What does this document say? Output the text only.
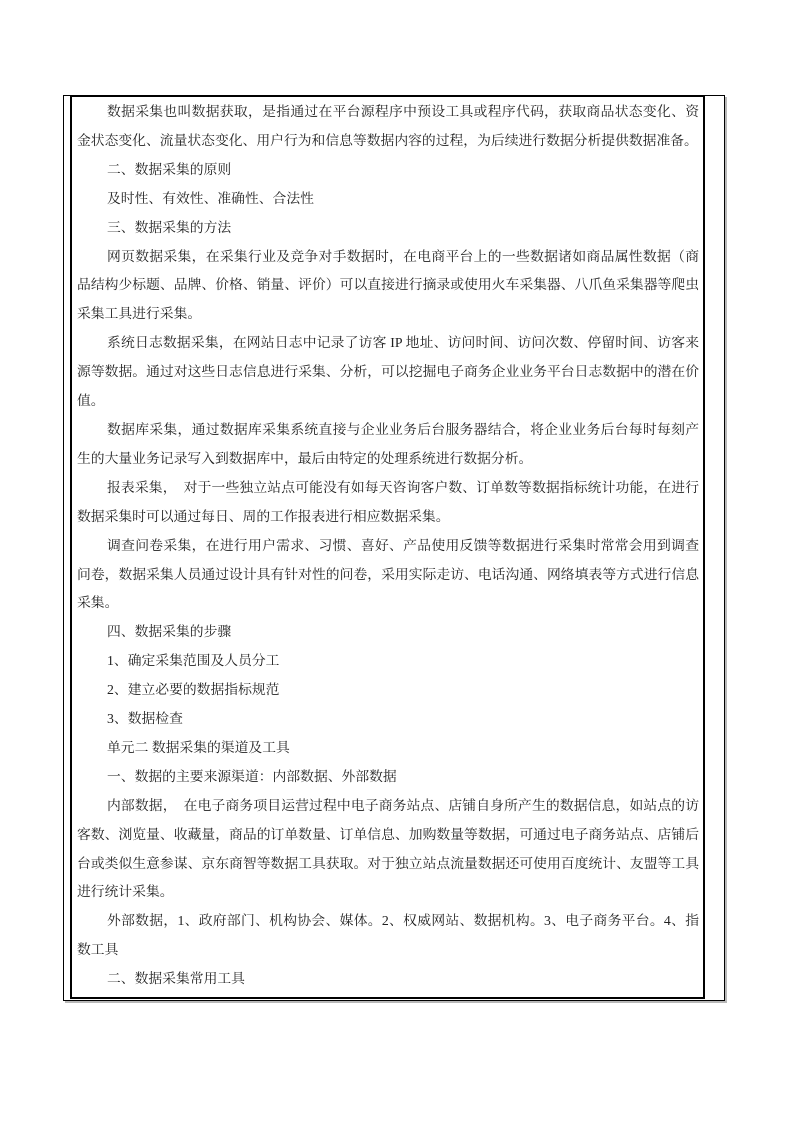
数据采集也叫数据获取，是指通过在平台源程序中预设工具或程序代码，获取商品状态变化、资金状态变化、流量状态变化、用户行为和信息等数据内容的过程，为后续进行数据分析提供数据准备。

二、数据采集的原则

及时性、有效性、准确性、合法性

三、数据采集的方法

网页数据采集，在采集行业及竞争对手数据时，在电商平台上的一些数据诸如商品属性数据（商品结构少标题、品牌、价格、销量、评价）可以直接进行摘录或使用火车采集器、八爪鱼采集器等爬虫采集工具进行采集。

系统日志数据采集，在网站日志中记录了访客 IP 地址、访问时间、访问次数、停留时间、访客来源等数据。通过对这些日志信息进行采集、分析，可以挖掘电子商务企业业务平台日志数据中的潜在价值。

数据库采集，通过数据库采集系统直接与企业业务后台服务器结合，将企业业务后台每时每刻产生的大量业务记录写入到数据库中，最后由特定的处理系统进行数据分析。

报表采集，　对于一些独立站点可能没有如每天咨询客户数、订单数等数据指标统计功能，在进行数据采集时可以通过每日、周的工作报表进行相应数据采集。

调查问卷采集，在进行用户需求、习惯、喜好、产品使用反馈等数据进行采集时常常会用到调查问卷，数据采集人员通过设计具有针对性的问卷，采用实际走访、电话沟通、网络填表等方式进行信息采集。

四、数据采集的步骤

1、确定采集范围及人员分工

2、建立必要的数据指标规范

3、数据检查

单元二 数据采集的渠道及工具

一、数据的主要来源渠道：内部数据、外部数据

内部数据，　在电子商务项目运营过程中电子商务站点、店铺自身所产生的数据信息，如站点的访客数、浏览量、收藏量，商品的订单数量、订单信息、加购数量等数据，可通过电子商务站点、店铺后台或类似生意参谋、京东商智等数据工具获取。对于独立站点流量数据还可使用百度统计、友盟等工具进行统计采集。

外部数据，1、政府部门、机构协会、媒体。2、权威网站、数据机构。3、电子商务平台。4、指数工具

二、数据采集常用工具
